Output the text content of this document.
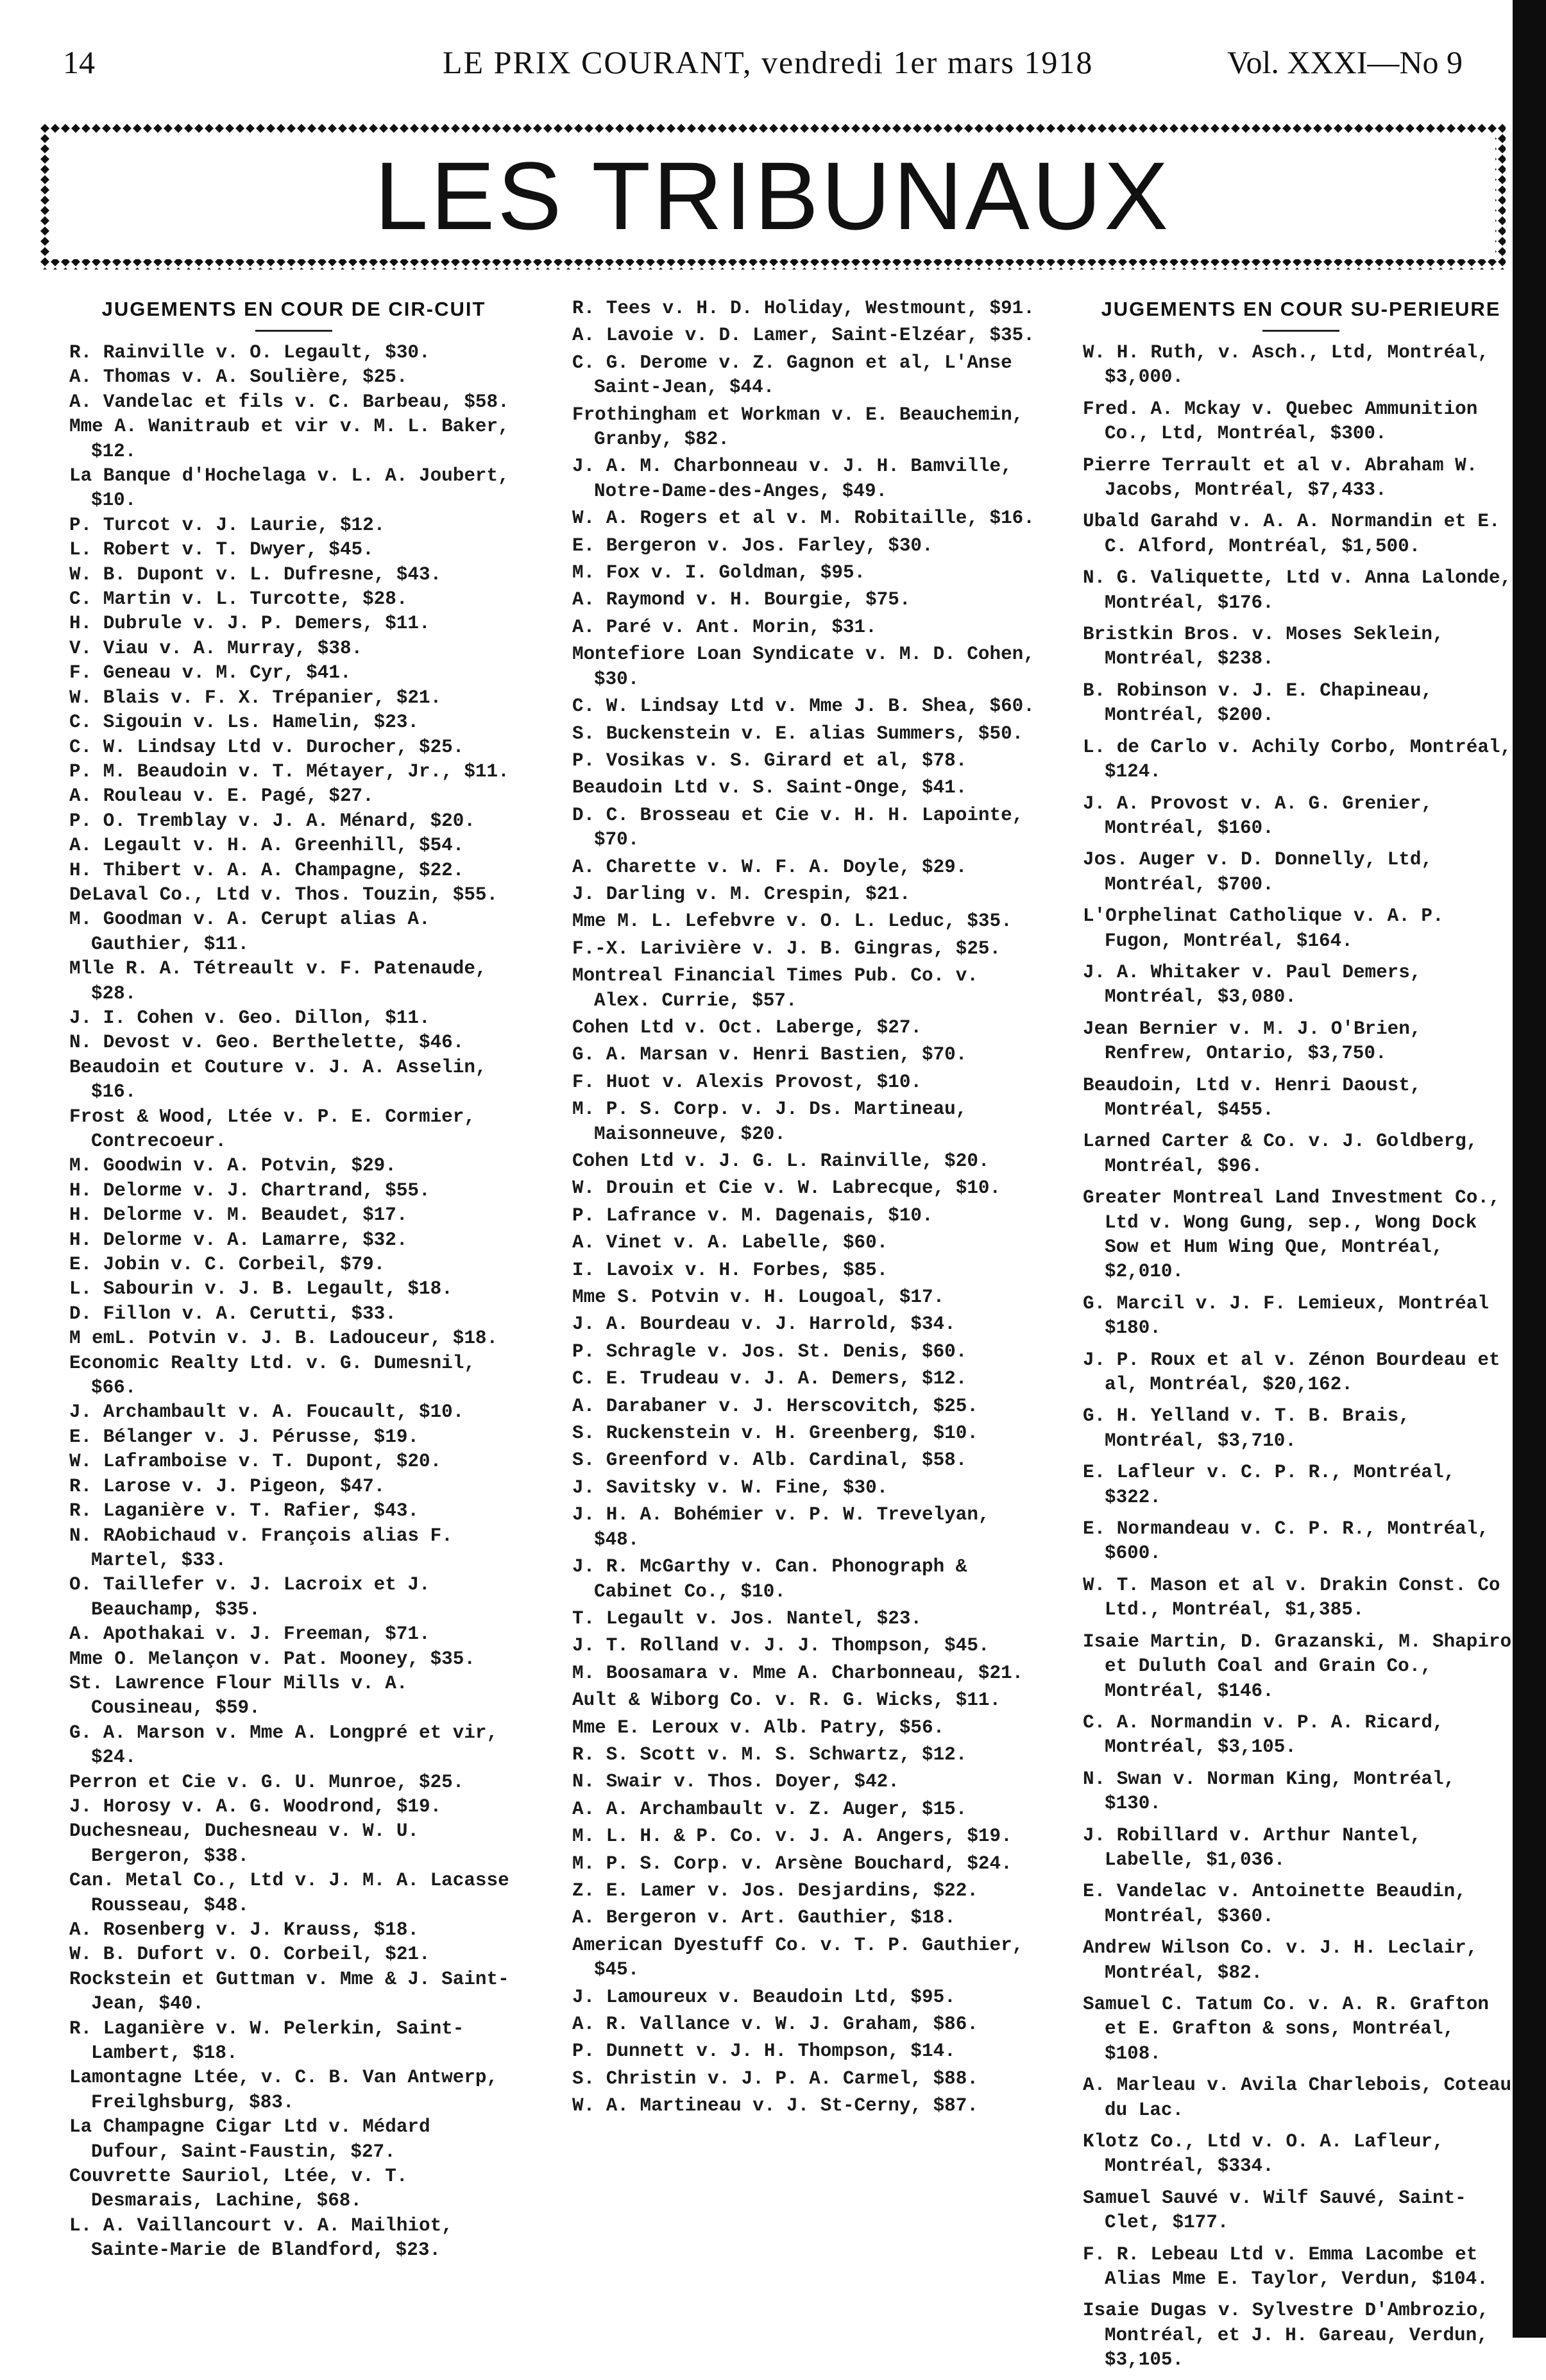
14	LE PRIX COURANT, vendredi 1er mars 1918	Vol. XXXI—No 9
LES TRIBUNAUX
JUGEMENTS EN COUR DE CIR-CUIT
R. Rainville v. O. Legault, $30.
A. Thomas v. A. Soulière, $25.
A. Vandelac et fils v. C. Barbeau, $58.
Mme A. Wanitraub et vir v. M. L. Baker, $12.
La Banque d'Hochelaga v. L. A. Joubert, $10.
P. Turcot v. J. Laurie, $12.
L. Robert v. T. Dwyer, $45.
W. B. Dupont v. L. Dufresne, $43.
C. Martin v. L. Turcotte, $28.
H. Dubrule v. J. P. Demers, $11.
V. Viau v. A. Murray, $38.
F. Geneau v. M. Cyr, $41.
W. Blais v. F. X. Trépanier, $21.
C. Sigouin v. Ls. Hamelin, $23.
C. W. Lindsay Ltd v. Durocher, $25.
P. M. Beaudoin v. T. Métayer, Jr., $11.
A. Rouleau v. E. Pagé, $27.
P. O. Tremblay v. J. A. Ménard, $20.
A. Legault v. H. A. Greenhill, $54.
H. Thibert v. A. A. Champagne, $22.
DeLaval Co., Ltd v. Thos. Touzin, $55.
M. Goodman v. A. Cerupt alias A. Gauthier, $11.
Mlle R. A. Tétreault v. F. Patenaude, $28.
J. I. Cohen v. Geo. Dillon, $11.
N. Devost v. Geo. Berthelette, $46.
Beaudoin et Couture v. J. A. Asselin, $16.
Frost & Wood, Ltée v. P. E. Cormier, Contrecoeur.
M. Goodwin v. A. Potvin, $29.
H. Delorme v. J. Chartrand, $55.
H. Delorme v. M. Beaudet, $17.
H. Delorme v. A. Lamarre, $32.
E. Jobin v. C. Corbeil, $79.
L. Sabourin v. J. B. Legault, $18.
D. Fillon v. A. Cerutti, $33.
M emL. Potvin v. J. B. Ladouceur, $18.
Economic Realty Ltd. v. G. Dumesnil, $66.
J. Archambault v. A. Foucault, $10.
E. Bélanger v. J. Pérusse, $19.
W. Laframboise v. T. Dupont, $20.
R. Larose v. J. Pigeon, $47.
R. Laganière v. T. Rafier, $43.
N. RAobichaud v. François alias F. Martel, $33.
O. Taillefer v. J. Lacroix et J. Beauchamp, $35.
A. Apothakai v. J. Freeman, $71.
Mme O. Melançon v. Pat. Mooney, $35.
St. Lawrence Flour Mills v. A. Cousineau, $59.
G. A. Marson v. Mme A. Longpré et vir, $24.
Perron et Cie v. G. U. Munroe, $25.
J. Horosy v. A. G. Woodrond, $19.
Duchesneau, Duchesneau v. W. U. Bergeron, $38.
Can. Metal Co., Ltd v. J. M. A. Lacasse Rousseau, $48.
A. Rosenberg v. J. Krauss, $18.
W. B. Dufort v. O. Corbeil, $21.
Rockstein et Guttman v. Mme & J. Saint-Jean, $40.
R. Laganière v. W. Pelerkin, Saint-Lambert, $18.
Lamontagne Ltée, v. C. B. Van Antwerp, Freilghsburg, $83.
La Champagne Cigar Ltd v. Médard Dufour, Saint-Faustin, $27.
Couvrette Sauriol, Ltée, v. T. Desmarais, Lachine, $68.
L. A. Vaillancourt v. A. Mailhiot, Sainte-Marie de Blandford, $23.
R. Tees v. H. D. Holiday, Westmount, $91.
A. Lavoie v. D. Lamer, Saint-Elzéar, $35.
C. G. Derome v. Z. Gagnon et al, L'Anse Saint-Jean, $44.
Frothingham et Workman v. E. Beauchemin, Granby, $82.
J. A. M. Charbonneau v. J. H. Bamville, Notre-Dame-des-Anges, $49.
W. A. Rogers et al v. M. Robitaille, $16.
E. Bergeron v. Jos. Farley, $30.
M. Fox v. I. Goldman, $95.
A. Raymond v. H. Bourgie, $75.
A. Paré v. Ant. Morin, $31.
Montefiore Loan Syndicate v. M. D. Cohen, $30.
C. W. Lindsay Ltd v. Mme J. B. Shea, $60.
S. Buckenstein v. E. alias Summers, $50.
P. Vosikas v. S. Girard et al, $78.
Beaudoin Ltd v. S. Saint-Onge, $41.
D. C. Brosseau et Cie v. H. H. Lapointe, $70.
A. Charette v. W. F. A. Doyle, $29.
J. Darling v. M. Crespin, $21.
Mme M. L. Lefebvre v. O. L. Leduc, $35.
F.-X. Larivière v. J. B. Gingras, $25.
Montreal Financial Times Pub. Co. v. Alex. Currie, $57.
Cohen Ltd v. Oct. Laberge, $27.
G. A. Marsan v. Henri Bastien, $70.
F. Huot v. Alexis Provost, $10.
M. P. S. Corp. v. J. Ds. Martineau, Maisonneuve, $20.
Cohen Ltd v. J. G. L. Rainville, $20.
W. Drouin et Cie v. W. Labrecque, $10.
P. Lafrance v. M. Dagenais, $10.
A. Vinet v. A. Labelle, $60.
I. Lavoix v. H. Forbes, $85.
Mme S. Potvin v. H. Lougoal, $17.
J. A. Bourdeau v. J. Harrold, $34.
P. Schragle v. Jos. St. Denis, $60.
C. E. Trudeau v. J. A. Demers, $12.
A. Darabaner v. J. Herscovitch, $25.
S. Ruckenstein v. H. Greenberg, $10.
S. Greenford v. Alb. Cardinal, $58.
J. Savitsky v. W. Fine, $30.
J. H. A. Bohémier v. P. W. Trevelyan, $48.
J. R. McGarthy v. Can. Phonograph & Cabinet Co., $10.
T. Legault v. Jos. Nantel, $23.
J. T. Rolland v. J. J. Thompson, $45.
M. Boosamara v. Mme A. Charbonneau, $21.
Ault & Wiborg Co. v. R. G. Wicks, $11.
Mme E. Leroux v. Alb. Patry, $56.
R. S. Scott v. M. S. Schwartz, $12.
N. Swair v. Thos. Doyer, $42.
A. A. Archambault v. Z. Auger, $15.
M. L. H. & P. Co. v. J. A. Angers, $19.
M. P. S. Corp. v. Arsène Bouchard, $24.
Z. E. Lamer v. Jos. Desjardins, $22.
A. Bergeron v. Art. Gauthier, $18.
American Dyestuff Co. v. T. P. Gauthier, $45.
J. Lamoureux v. Beaudoin Ltd, $95.
A. R. Vallance v. W. J. Graham, $86.
P. Dunnett v. J. H. Thompson, $14.
S. Christin v. J. P. A. Carmel, $88.
W. A. Martineau v. J. St-Cerny, $87.
JUGEMENTS EN COUR SU-PERIEURE
W. H. Ruth, v. Asch., Ltd, Montréal, $3,000.
Fred. A. Mckay v. Quebec Ammunition Co., Ltd, Montréal, $300.
Pierre Terrault et al v. Abraham W. Jacobs, Montréal, $7,433.
Ubald Garahd v. A. A. Normandin et E. C. Alford, Montréal, $1,500.
N. G. Valiquette, Ltd v. Anna Lalonde, Montréal, $176.
Bristkin Bros. v. Moses Seklein, Montréal, $238.
B. Robinson v. J. E. Chapineau, Montréal, $200.
L. de Carlo v. Achily Corbo, Montréal, $124.
J. A. Provost v. A. G. Grenier, Montréal, $160.
Jos. Auger v. D. Donnelly, Ltd, Montréal, $700.
L'Orphelinat Catholique v. A. P. Fugon, Montréal, $164.
J. A. Whitaker v. Paul Demers, Montréal, $3,080.
Jean Bernier v. M. J. O'Brien, Renfrew, Ontario, $3,750.
Beaudoin, Ltd v. Henri Daoust, Montréal, $455.
Larned Carter & Co. v. J. Goldberg, Montréal, $96.
Greater Montreal Land Investment Co., Ltd v. Wong Gung, sep., Wong Dock Sow et Hum Wing Que, Montréal, $2,010.
G. Marcil v. J. F. Lemieux, Montréal $180.
J. P. Roux et al v. Zénon Bourdeau et al, Montréal, $20,162.
G. H. Yelland v. T. B. Brais, Montréal, $3,710.
E. Lafleur v. C. P. R., Montréal, $322.
E. Normandeau v. C. P. R., Montréal, $600.
W. T. Mason et al v. Drakin Const. Co Ltd., Montréal, $1,385.
Isaie Martin, D. Grazanski, M. Shapiro et Duluth Coal and Grain Co., Montréal, $146.
C. A. Normandin v. P. A. Ricard, Montréal, $3,105.
N. Swan v. Norman King, Montréal, $130.
J. Robillard v. Arthur Nantel, Labelle, $1,036.
E. Vandelac v. Antoinette Beaudin, Montréal, $360.
Andrew Wilson Co. v. J. H. Leclair, Montréal, $82.
Samuel C. Tatum Co. v. A. R. Grafton et E. Grafton & sons, Montréal, $108.
A. Marleau v. Avila Charlebois, Coteau du Lac.
Klotz Co., Ltd v. O. A. Lafleur, Montréal, $334.
Samuel Sauvé v. Wilf Sauvé, Saint-Clet, $177.
F. R. Lebeau Ltd v. Emma Lacombe et Alias Mme E. Taylor, Verdun, $104.
Isaie Dugas v. Sylvestre D'Ambrozio, Montréal, et J. H. Gareau, Verdun, $3,105.
